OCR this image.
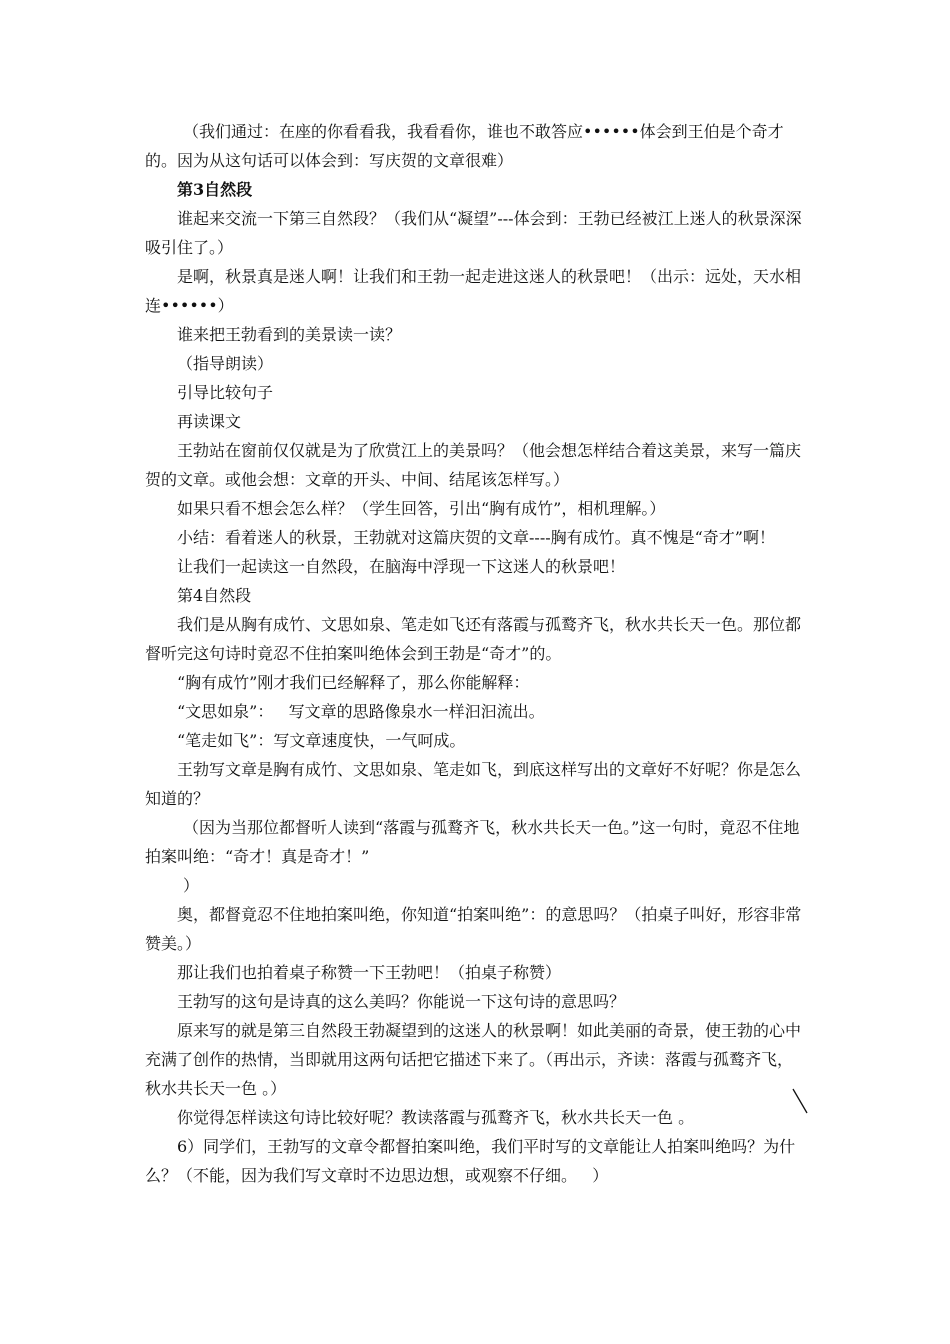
（我们通过：在座的你看看我，我看看你，谁也不敢答应••••••体会到王伯是个奇才的。因为从这句话可以体会到：写庆贺的文章很难）

第3自然段

谁起来交流一下第三自然段？（我们从“凝望”---体会到：王勃已经被江上迷人的秋景深深吸引住了。）

是啊，秋景真是迷人啊！让我们和王勃一起走进这迷人的秋景吧！（出示：远处，天水相连••••••）

谁来把王勃看到的美景读一读？

（指导朗读）

引导比较句子

再读课文

王勃站在窗前仅仅就是为了欣赏江上的美景吗？（他会想怎样结合着这美景，来写一篇庆贺的文章。或他会想：文章的开头、中间、结尾该怎样写。）

如果只看不想会怎么样？（学生回答，引出“胸有成竹”，相机理解。）

小结：看着迷人的秋景，王勃就对这篇庆贺的文章----胸有成竹。真不愧是“奇才”啊！

让我们一起读这一自然段，在脑海中浮现一下这迷人的秋景吧！

第4自然段

我们是从胸有成竹、文思如泉、笔走如飞还有落霞与孤鹜齐飞，秋水共长天一色。那位都督听完这句诗时竟忍不住拍案叫绝体会到王勃是“奇才”的。

“胸有成竹”刚才我们已经解释了，那么你能解释：

“文思如泉”：   写文章的思路像泉水一样汩汩流出。

“笔走如飞”：写文章速度快，一气呵成。

王勃写文章是胸有成竹、文思如泉、笔走如飞，到底这样写出的文章好不好呢？你是怎么知道的？

（因为当那位都督听人读到“落霞与孤鹜齐飞，秋水共长天一色。”这一句时，竟忍不住地拍案叫绝：“奇才！真是奇才！”

）

奥，都督竟忍不住地拍案叫绝，你知道“拍案叫绝”：的意思吗？（拍桌子叫好，形容非常赞美。）

那让我们也拍着桌子称赞一下王勃吧！（拍桌子称赞）

王勃写的这句是诗真的这么美吗？你能说一下这句诗的意思吗？

原来写的就是第三自然段王勃凝望到的这迷人的秋景啊！如此美丽的奇景，使王勃的心中充满了创作的热情，当即就用这两句话把它描述下来了。（再出示，齐读：落霞与孤鹜齐飞，秋水共长天一色 。）

你觉得怎样读这句诗比较好呢？教读落霞与孤鹜齐飞，秋水共长天一色 。

6）同学们，王勃写的文章令都督拍案叫绝，我们平时写的文章能让人拍案叫绝吗？为什么？（不能，因为我们写文章时不边思边想，或观察不仔细。   ）
